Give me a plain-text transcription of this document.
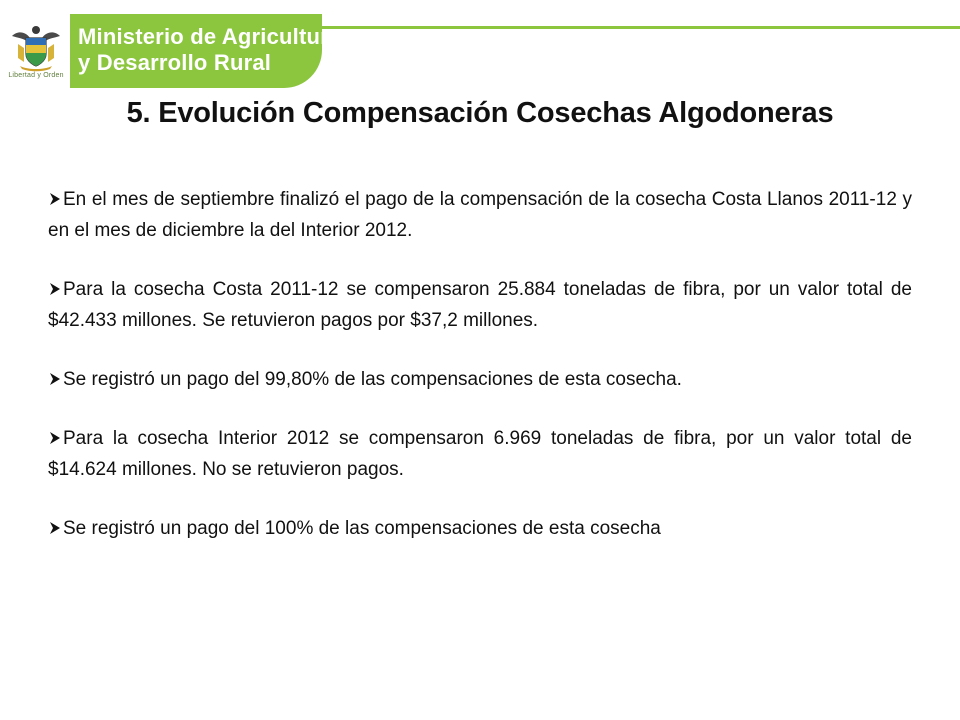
Libertad y Orden
Ministerio de Agricultura
y Desarrollo Rural
5. Evolución Compensación Cosechas Algodoneras

En el mes de septiembre finalizó el pago de la compensación de la cosecha Costa Llanos 2011-12 y en el mes de diciembre la del Interior 2012.

Para la cosecha Costa 2011-12 se compensaron 25.884 toneladas de fibra, por un valor total de $42.433 millones. Se retuvieron pagos por $37,2 millones.

Se registró un pago del 99,80% de las compensaciones de esta cosecha.

Para la cosecha Interior 2012 se compensaron 6.969 toneladas de fibra, por un valor total de $14.624 millones. No se retuvieron pagos.

Se registró un pago del 100% de las compensaciones de esta cosecha
